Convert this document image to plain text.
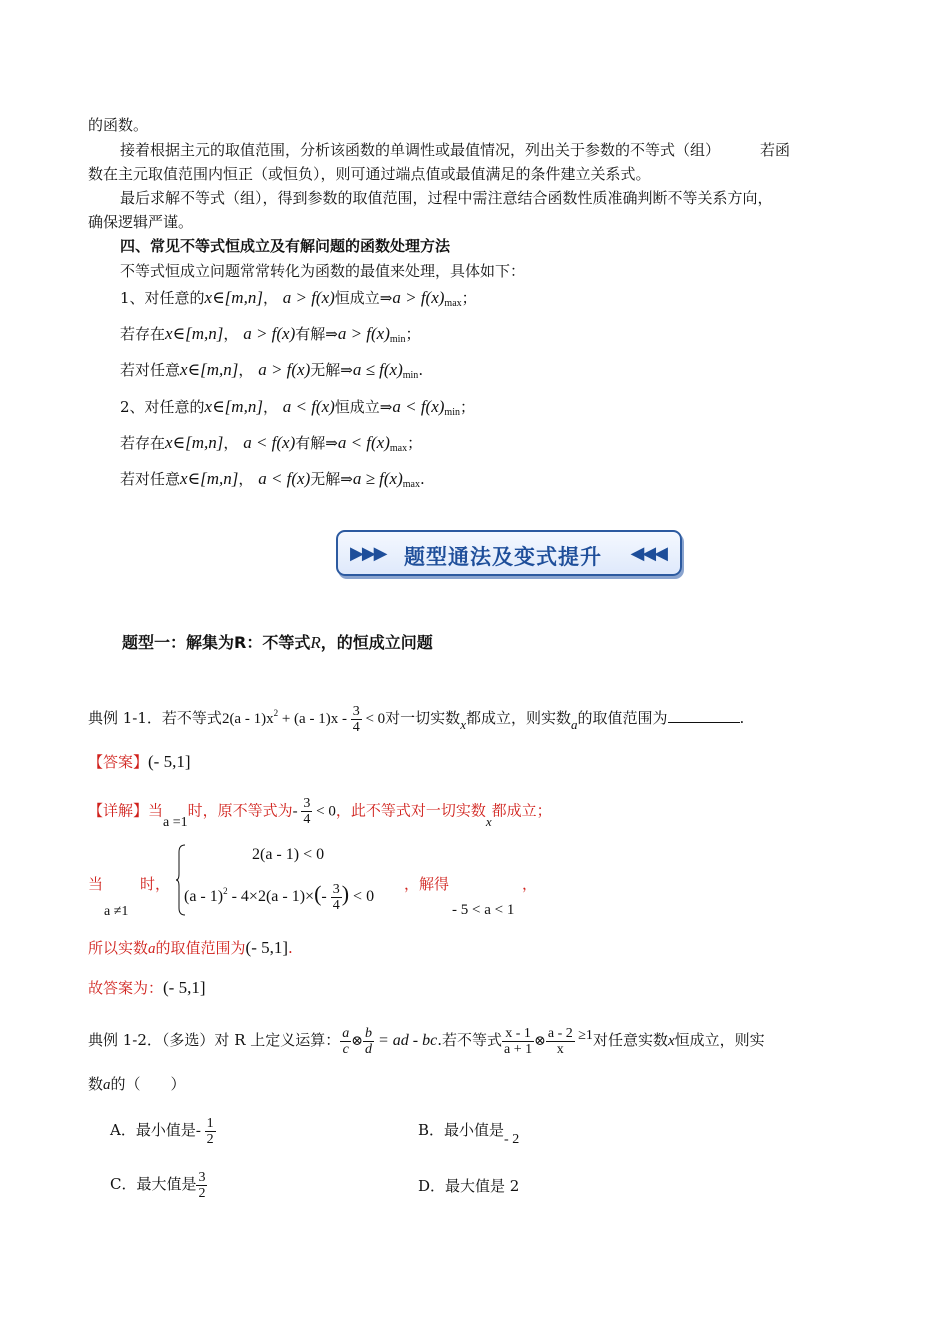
的函数。
接着根据主元的取值范围，分析该函数的单调性或最值情况，列出关于参数的不等式（组）	若函
数在主元取值范围内恒正（或恒负），则可通过端点值或最值满足的条件建立关系式。
最后求解不等式（组），得到参数的取值范围，过程中需注意结合函数性质准确判断不等关系方向，
确保逻辑严谨。
四、常见不等式恒成立及有解问题的函数处理方法
不等式恒成立问题常常转化为函数的最值来处理，具体如下：
1、对任意的x∈[m,n]， a > f(x)恒成立⇒a > $f(x)_{max}$；
若存在x∈[m,n]， a > f(x)有解⇒a > $f(x)_{min}$；
若对任意x∈[m,n]， a > f(x)无解⇒a ≤ $f(x)_{min}$.
2、对任意的x∈[m,n]， a < f(x)恒成立⇒a < $f(x)_{min}$；
若存在x∈[m,n]， a < f(x)有解⇒a < $f(x)_{max}$；
若对任意x∈[m,n]， a < f(x)无解⇒a ≥ $f(x)_{max}$.
▶▶▶ 题型通法及变式提升 ◀◀◀
题型一：解集为R：不等式R，的恒成立问题
典例 1-1．若不等式$2(a - 1)x^2 + (a - 1)x - \frac{3}{4} < 0$对一切实数x都成立，则实数a的取值范围为	.
【答案】(- 5,1]
【详解】当a =1时，原不等式为- $\frac{3}{4} < 0$，此不等式对一切实数x都成立；
当 时，
a ≠1
2(a - 1) < 0
$(a - 1)^2 - 4\times 2(a - 1)\times(- \frac{3}{4}$ ) < 0
，解得	，
- 5 < a < 1
所以实数a的取值范围为(- 5,1].
故答案为：(- 5,1]
典例 1-2．（多选）对 R 上定义运算： $\frac{a}{c}$ ⊗ $\frac{b}{d}$ = ad - bc.若不等式 $\frac{x - 1}{a + 1}$ ⊗ $\frac{a - 2}{x} \ge 1$对任意实数x恒成立，则实
数a的（　　）
A．最小值是- $\frac{1}{2}$	B．最小值是- 2
C．最大值是 $\frac{3}{2}$	D．最大值是 2
